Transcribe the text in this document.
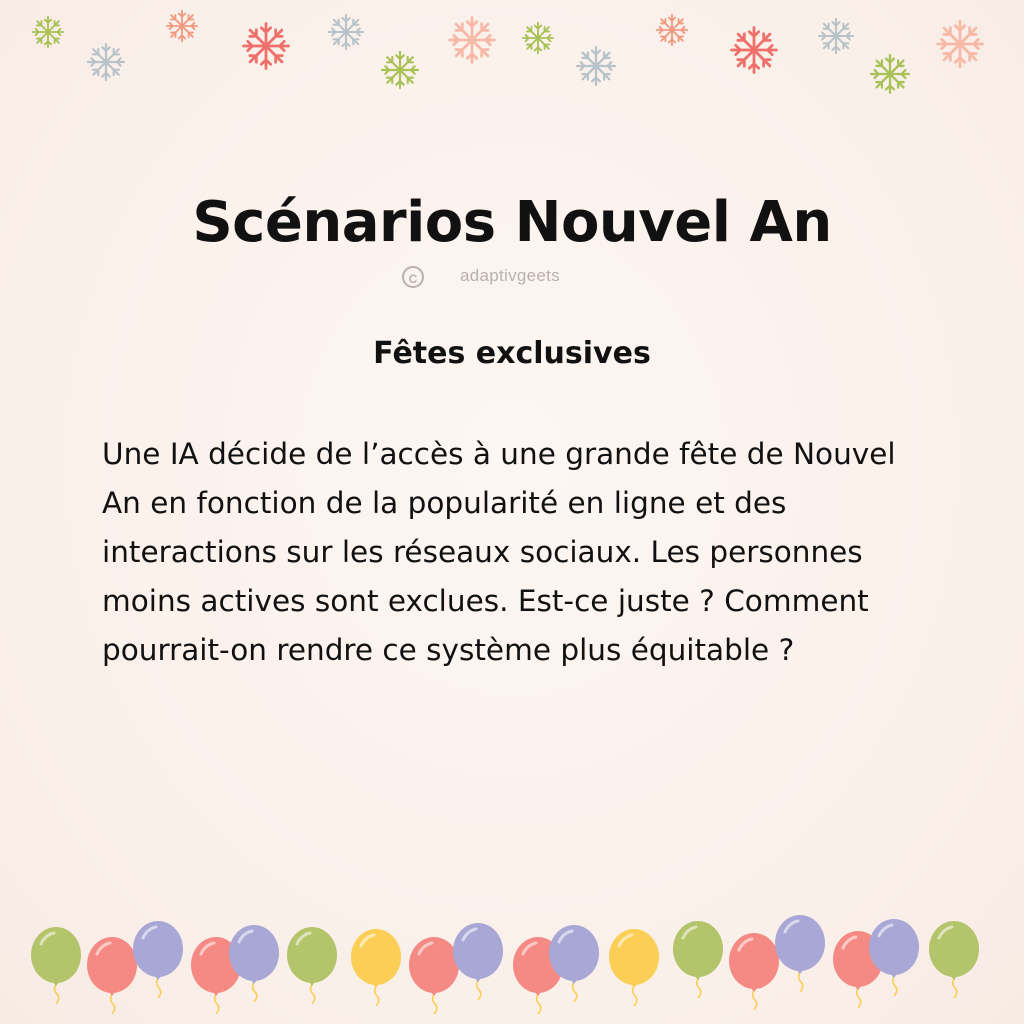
Scénarios Nouvel An
C	adaptivgeets
Fêtes exclusives

Une IA décide de l’accès à une grande fête de Nouvel An en fonction de la popularité en ligne et des interactions sur les réseaux sociaux. Les personnes moins actives sont exclues. Est-ce juste ? Comment pourrait-on rendre ce système plus équitable ?
